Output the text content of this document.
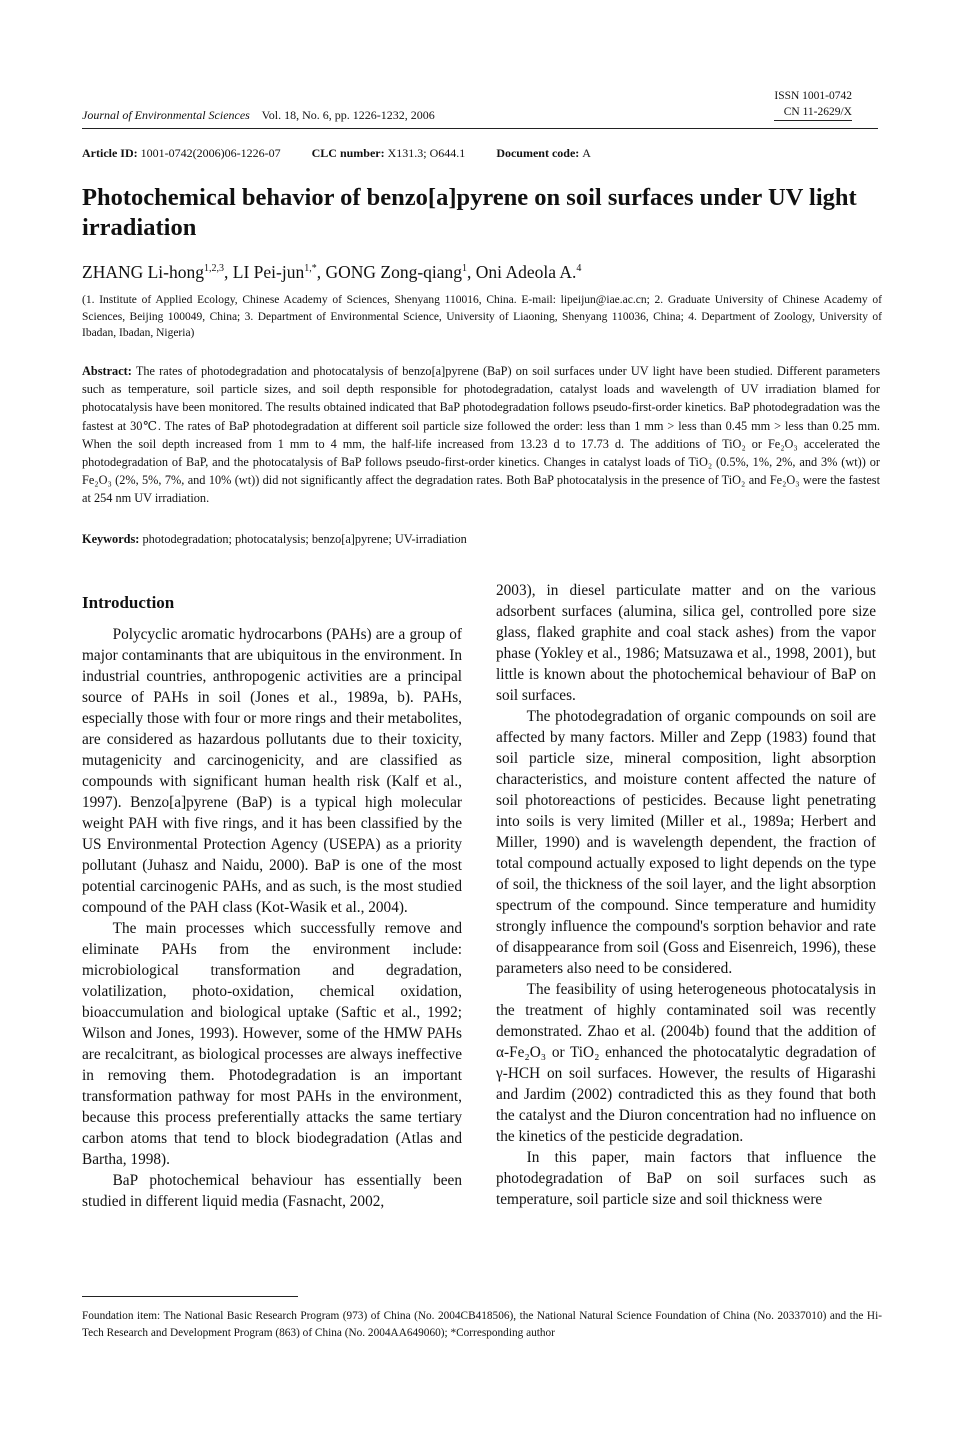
ISSN 1001-0742
CN 11-2629/X
Journal of Environmental Sciences Vol. 18, No. 6, pp. 1226-1232, 2006
Article ID: 1001-0742(2006)06-1226-07	CLC number: X131.3; O644.1	Document code: A
Photochemical behavior of benzo[a]pyrene on soil surfaces under UV light irradiation
ZHANG Li-hong$^{1,2,3}$, LI Pei-jun$^{1,*}$, GONG Zong-qiang$^1$, Oni Adeola A.$^4$
(1. Institute of Applied Ecology, Chinese Academy of Sciences, Shenyang 110016, China. E-mail: lipeijun@iae.ac.cn; 2. Graduate University of Chinese Academy of Sciences, Beijing 100049, China; 3. Department of Environmental Science, University of Liaoning, Shenyang 110036, China; 4. Department of Zoology, University of Ibadan, Ibadan, Nigeria)
Abstract: The rates of photodegradation and photocatalysis of benzo[a]pyrene (BaP) on soil surfaces under UV light have been studied. Different parameters such as temperature, soil particle sizes, and soil depth responsible for photodegradation, catalyst loads and wavelength of UV irradiation blamed for photocatalysis have been monitored. The results obtained indicated that BaP photodegradation follows pseudo-first-order kinetics. BaP photodegradation was the fastest at 30℃. The rates of BaP photodegradation at different soil particle size followed the order: less than 1 mm > less than 0.45 mm > less than 0.25 mm. When the soil depth increased from 1 mm to 4 mm, the half-life increased from 13.23 d to 17.73 d. The additions of TiO₂ or Fe₂O₃ accelerated the photodegradation of BaP, and the photocatalysis of BaP follows pseudo-first-order kinetics. Changes in catalyst loads of TiO₂ (0.5%, 1%, 2%, and 3% (wt)) or Fe₂O₃ (2%, 5%, 7%, and 10% (wt)) did not significantly affect the degradation rates. Both BaP photocatalysis in the presence of TiO₂ and Fe₂O₃ were the fastest at 254 nm UV irradiation.
Keywords: photodegradation; photocatalysis; benzo[a]pyrene; UV-irradiation
Introduction

Polycyclic aromatic hydrocarbons (PAHs) are a group of major contaminants that are ubiquitous in the environment. In industrial countries, anthropogenic activities are a principal source of PAHs in soil (Jones et al., 1989a, b). PAHs, especially those with four or more rings and their metabolites, are considered as hazardous pollutants due to their toxicity, mutagenicity and carcinogenicity, and are classified as compounds with significant human health risk (Kalf et al., 1997). Benzo[a]pyrene (BaP) is a typical high molecular weight PAH with five rings, and it has been classified by the US Environmental Protection Agency (USEPA) as a priority pollutant (Juhasz and Naidu, 2000). BaP is one of the most potential carcinogenic PAHs, and as such, is the most studied compound of the PAH class (Kot-Wasik et al., 2004).

The main processes which successfully remove and eliminate PAHs from the environment include: microbiological transformation and degradation, volatilization, photo-oxidation, chemical oxidation, bioaccumulation and biological uptake (Saftic et al., 1992; Wilson and Jones, 1993). However, some of the HMW PAHs are recalcitrant, as biological processes are always ineffective in removing them. Photodegradation is an important transformation pathway for most PAHs in the environment, because this process preferentially attacks the same tertiary carbon atoms that tend to block biodegradation (Atlas and Bartha, 1998).

BaP photochemical behaviour has essentially been studied in different liquid media (Fasnacht, 2002,

2003), in diesel particulate matter and on the various adsorbent surfaces (alumina, silica gel, controlled pore size glass, flaked graphite and coal stack ashes) from the vapor phase (Yokley et al., 1986; Matsuzawa et al., 1998, 2001), but little is known about the photochemical behaviour of BaP on soil surfaces.

The photodegradation of organic compounds on soil are affected by many factors. Miller and Zepp (1983) found that soil particle size, mineral composition, light absorption characteristics, and moisture content affected the nature of soil photoreactions of pesticides. Because light penetrating into soils is very limited (Miller et al., 1989a; Herbert and Miller, 1990) and is wavelength dependent, the fraction of total compound actually exposed to light depends on the type of soil, the thickness of the soil layer, and the light absorption spectrum of the compound. Since temperature and humidity strongly influence the compound's sorption behavior and rate of disappearance from soil (Goss and Eisenreich, 1996), these parameters also need to be considered.

The feasibility of using heterogeneous photocatalysis in the treatment of highly contaminated soil was recently demonstrated. Zhao et al. (2004b) found that the addition of α-Fe₂O₃ or TiO₂ enhanced the photocatalytic degradation of γ-HCH on soil surfaces. However, the results of Higarashi and Jardim (2002) contradicted this as they found that both the catalyst and the Diuron concentration had no influence on the kinetics of the pesticide degradation.

In this paper, main factors that influence the photodegradation of BaP on soil surfaces such as temperature, soil particle size and soil thickness were

Foundation item: The National Basic Research Program (973) of China (No. 2004CB418506), the National Natural Science Foundation of China (No. 20337010) and the Hi-Tech Research and Development Program (863) of China (No. 2004AA649060); *Corresponding author
